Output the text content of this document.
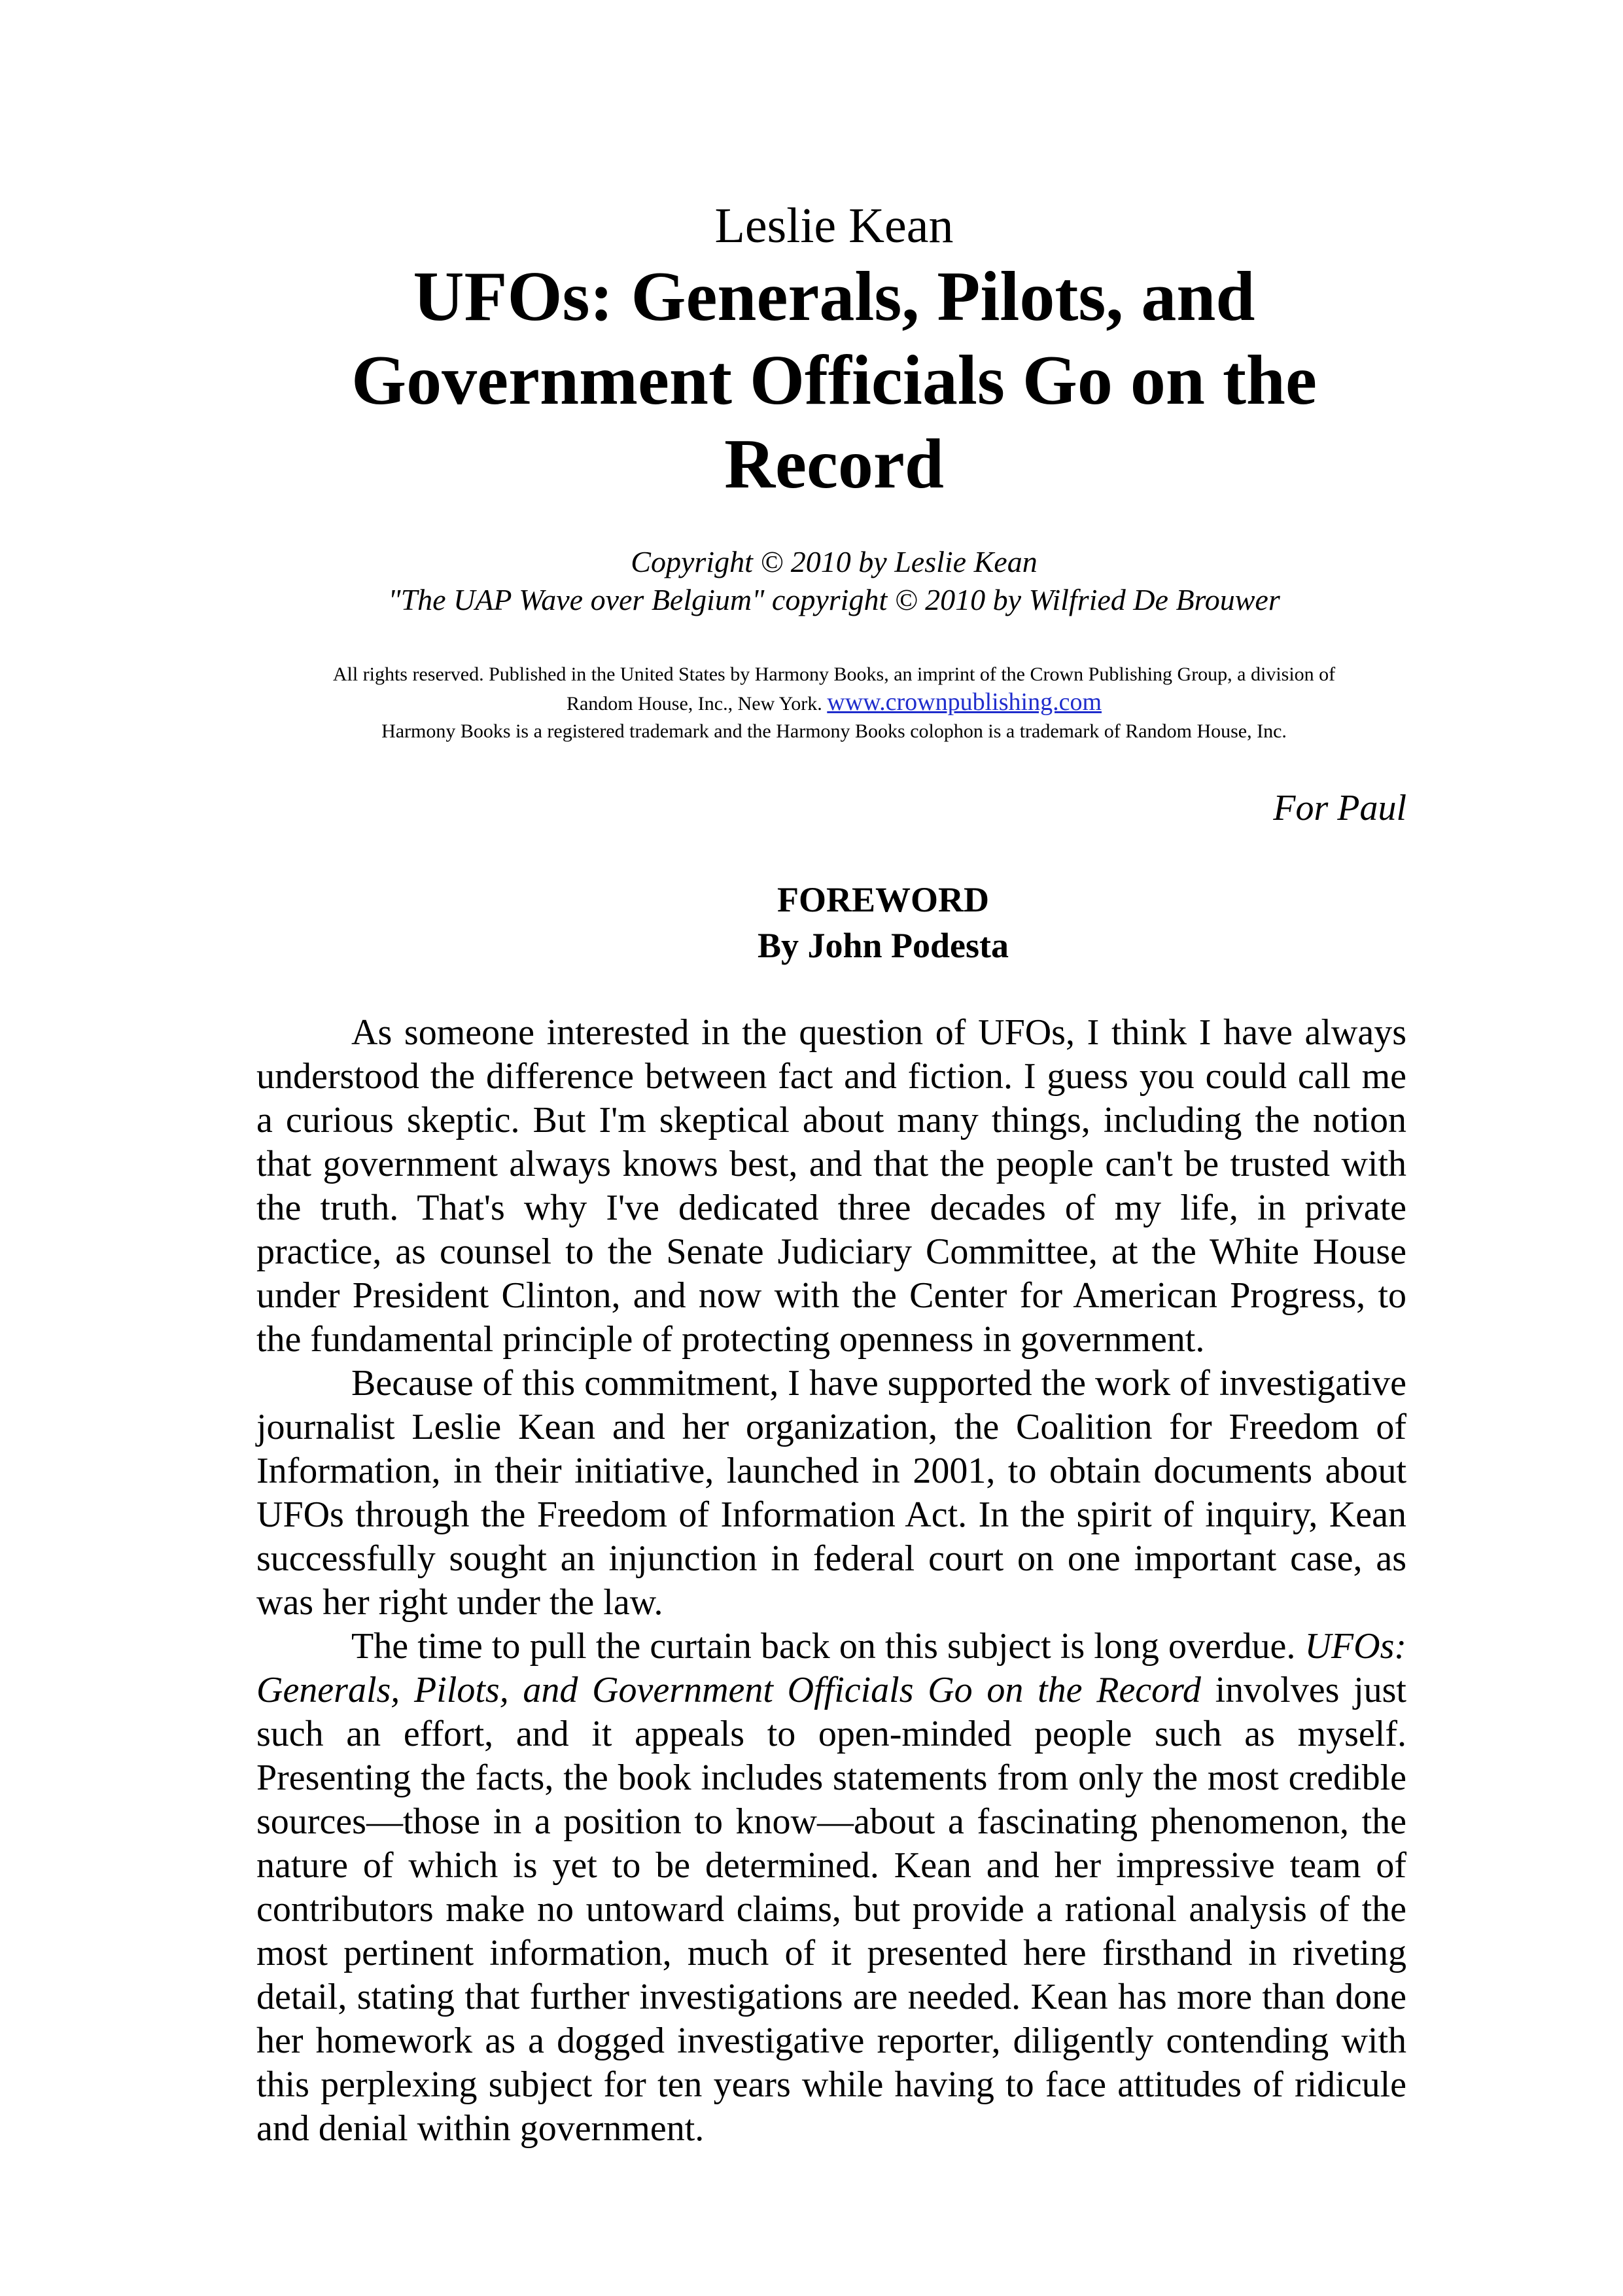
Leslie Kean
UFOs: Generals, Pilots, and
Government Officials Go on the
Record
Copyright © 2010 by Leslie Kean
"The UAP Wave over Belgium" copyright © 2010 by Wilfried De Brouwer
All rights reserved. Published in the United States by Harmony Books, an imprint of the Crown Publishing Group, a division of
Random House, Inc., New York. www.crownpublishing.com
Harmony Books is a registered trademark and the Harmony Books colophon is a trademark of Random House, Inc.
For Paul
FOREWORD
By John Podesta

As someone interested in the question of UFOs, I think I have always understood the difference between fact and fiction. I guess you could call me a curious skeptic. But I'm skeptical about many things, including the notion that government always knows best, and that the people can't be trusted with the truth. That's why I've dedicated three decades of my life, in private practice, as counsel to the Senate Judiciary Committee, at the White House under President Clinton, and now with the Center for American Progress, to the fundamental principle of protecting openness in government.

Because of this commitment, I have supported the work of investigative journalist Leslie Kean and her organization, the Coalition for Freedom of Information, in their initiative, launched in 2001, to obtain documents about UFOs through the Freedom of Information Act. In the spirit of inquiry, Kean successfully sought an injunction in federal court on one important case, as was her right under the law.

The time to pull the curtain back on this subject is long overdue. UFOs: Generals, Pilots, and Government Officials Go on the Record involves just such an effort, and it appeals to open-minded people such as myself. Presenting the facts, the book includes statements from only the most credible sources—those in a position to know—about a fascinating phenomenon, the nature of which is yet to be determined. Kean and her impressive team of contributors make no untoward claims, but provide a rational analysis of the most pertinent information, much of it presented here firsthand in riveting detail, stating that further investigations are needed. Kean has more than done her homework as a dogged investigative reporter, diligently contending with this perplexing subject for ten years while having to face attitudes of ridicule and denial within government.
